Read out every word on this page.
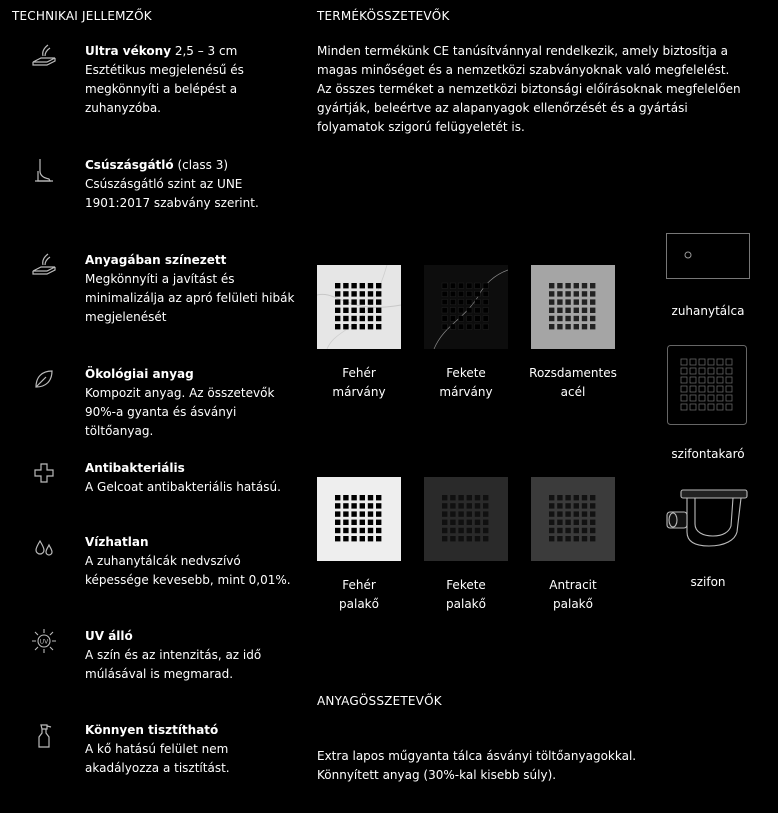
TECHNIKAI JELLEMZŐK
Ultra vékony 2,5 – 3 cm
Esztétikus megjelenésű és megkönnyíti a belépést a zuhanyzóba.
Csúszásgátló (class 3)
Csúszásgátló szint az UNE 1901:2017 szabvány szerint.
Anyagában színezett
Megkönnyíti a javítást és minimalizálja az apró felületi hibák megjelenését
Ökológiai anyag
Kompozit anyag. Az összetevők 90%-a gyanta és ásványi töltőanyag.
Antibakteriális
A Gelcoat antibakteriális hatású.
Vízhatlan
A zuhanytálcák nedvszívó képessége kevesebb, mint 0,01%.
UV	UV álló
A szín és az intenzitás, az idő múlásával is megmarad.
Könnyen tisztítható
A kő hatású felület nem akadályozza a tisztítást.
TERMÉKÖSSZETEVŐK
Minden termékünk CE tanúsítvánnyal rendelkezik, amely biztosítja a magas minőséget és a nemzetközi szabványoknak való megfelelést. Az összes terméket a nemzetközi biztonsági előírásoknak megfelelően gyártják, beleértve az alapanyagok ellenőrzését és a gyártási folyamatok szigorú felügyeletét is.
Fehér
márvány
Fekete
márvány
Rozsdamentes
acél
Fehér
palakő
Fekete
palakő
Antracit
palakő
zuhanytálca
szifontakaró
szifon
ANYAGÖSSZETEVŐK
Extra lapos műgyanta tálca ásványi töltőanyagokkal.
Könnyített anyag (30%-kal kisebb súly).
